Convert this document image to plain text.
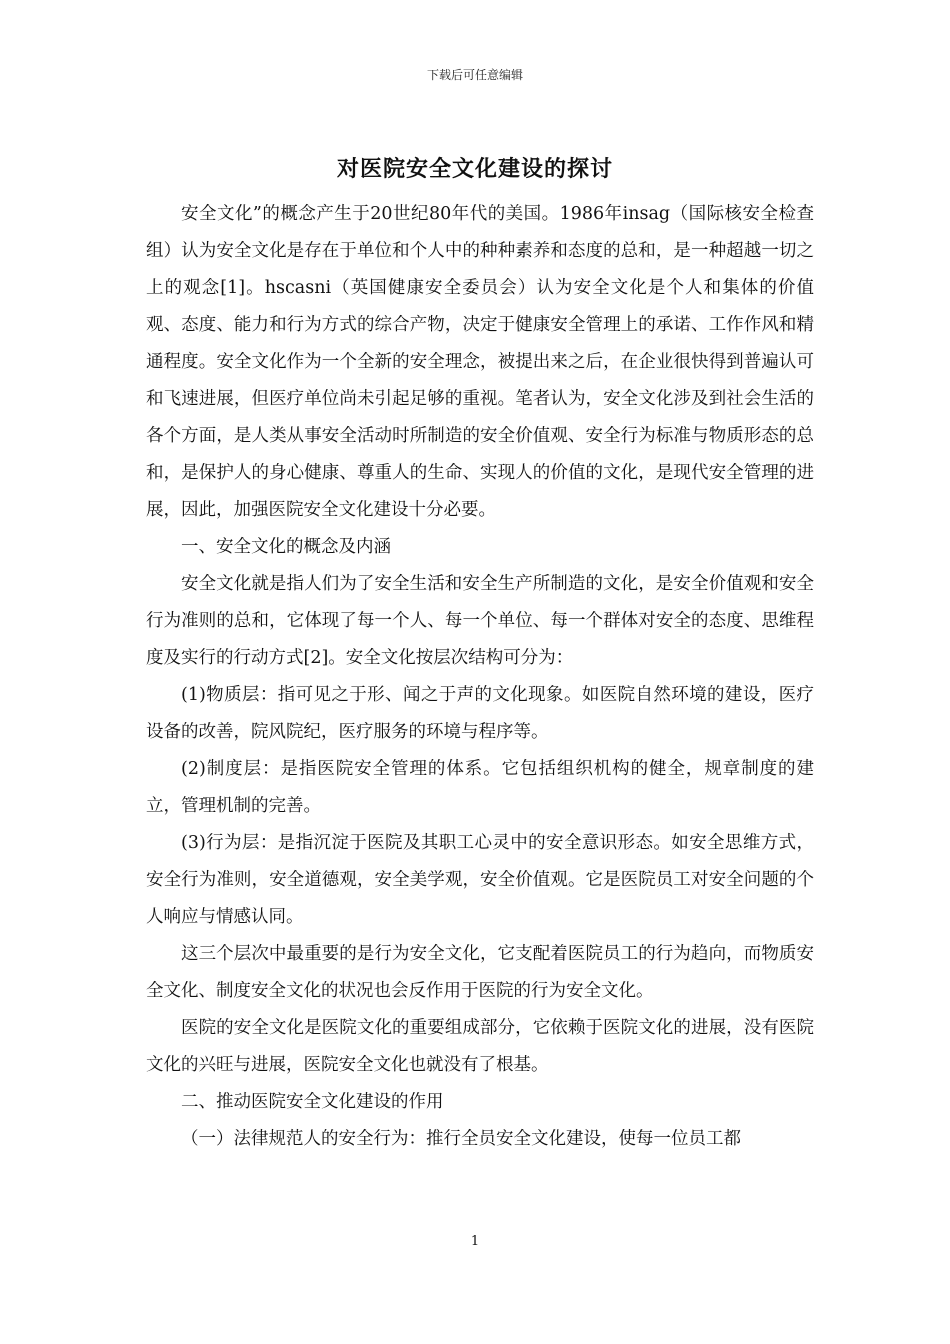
下载后可任意编辑
对医院安全文化建设的探讨

安全文化”的概念产生于20世纪80年代的美国。1986年insag（国际核安全检查组）认为安全文化是存在于单位和个人中的种种素养和态度的总和，是一种超越一切之上的观念[1]。hscasni（英国健康安全委员会）认为安全文化是个人和集体的价值观、态度、能力和行为方式的综合产物，决定于健康安全管理上的承诺、工作作风和精通程度。安全文化作为一个全新的安全理念，被提出来之后，在企业很快得到普遍认可和飞速进展，但医疗单位尚未引起足够的重视。笔者认为，安全文化涉及到社会生活的各个方面，是人类从事安全活动时所制造的安全价值观、安全行为标准与物质形态的总和，是保护人的身心健康、尊重人的生命、实现人的价值的文化，是现代安全管理的进展，因此，加强医院安全文化建设十分必要。

一、安全文化的概念及内涵

安全文化就是指人们为了安全生活和安全生产所制造的文化，是安全价值观和安全行为准则的总和，它体现了每一个人、每一个单位、每一个群体对安全的态度、思维程度及实行的行动方式[2]。安全文化按层次结构可分为：

(1)物质层：指可见之于形、闻之于声的文化现象。如医院自然环境的建设，医疗设备的改善，院风院纪，医疗服务的环境与程序等。

(2)制度层：是指医院安全管理的体系。它包括组织机构的健全，规章制度的建立，管理机制的完善。

(3)行为层：是指沉淀于医院及其职工心灵中的安全意识形态。如安全思维方式，安全行为准则，安全道德观，安全美学观，安全价值观。它是医院员工对安全问题的个人响应与情感认同。

这三个层次中最重要的是行为安全文化，它支配着医院员工的行为趋向，而物质安全文化、制度安全文化的状况也会反作用于医院的行为安全文化。

医院的安全文化是医院文化的重要组成部分，它依赖于医院文化的进展，没有医院文化的兴旺与进展，医院安全文化也就没有了根基。

二、推动医院安全文化建设的作用

（一）法律规范人的安全行为：推行全员安全文化建设，使每一位员工都

1
